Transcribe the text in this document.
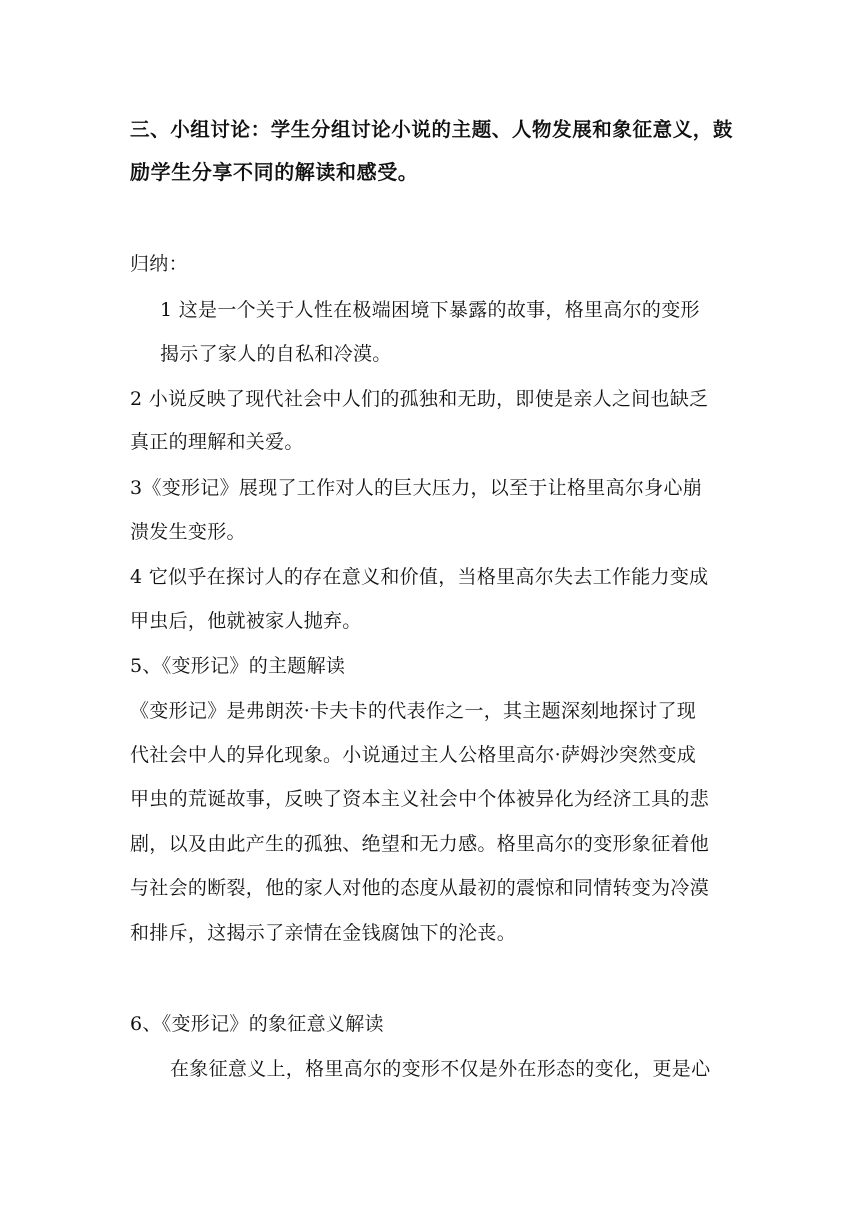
三、小组讨论：学生分组讨论小说的主题、人物发展和象征意义，鼓
励学生分享不同的解读和感受。
归纳：
1 这是一个关于人性在极端困境下暴露的故事，格里高尔的变形
揭示了家人的自私和冷漠。
2 小说反映了现代社会中人们的孤独和无助，即使是亲人之间也缺乏
真正的理解和关爱。
3《变形记》展现了工作对人的巨大压力，以至于让格里高尔身心崩
溃发生变形。
4 它似乎在探讨人的存在意义和价值，当格里高尔失去工作能力变成
甲虫后，他就被家人抛弃。
5、《变形记》的主题解读
《变形记》是弗朗茨·卡夫卡的代表作之一，其主题深刻地探讨了现
代社会中人的异化现象。小说通过主人公格里高尔·萨姆沙突然变成
甲虫的荒诞故事，反映了资本主义社会中个体被异化为经济工具的悲
剧，以及由此产生的孤独、绝望和无力感。格里高尔的变形象征着他
与社会的断裂，他的家人对他的态度从最初的震惊和同情转变为冷漠
和排斥，这揭示了亲情在金钱腐蚀下的沦丧。
6、《变形记》的象征意义解读
在象征意义上，格里高尔的变形不仅是外在形态的变化，更是心
